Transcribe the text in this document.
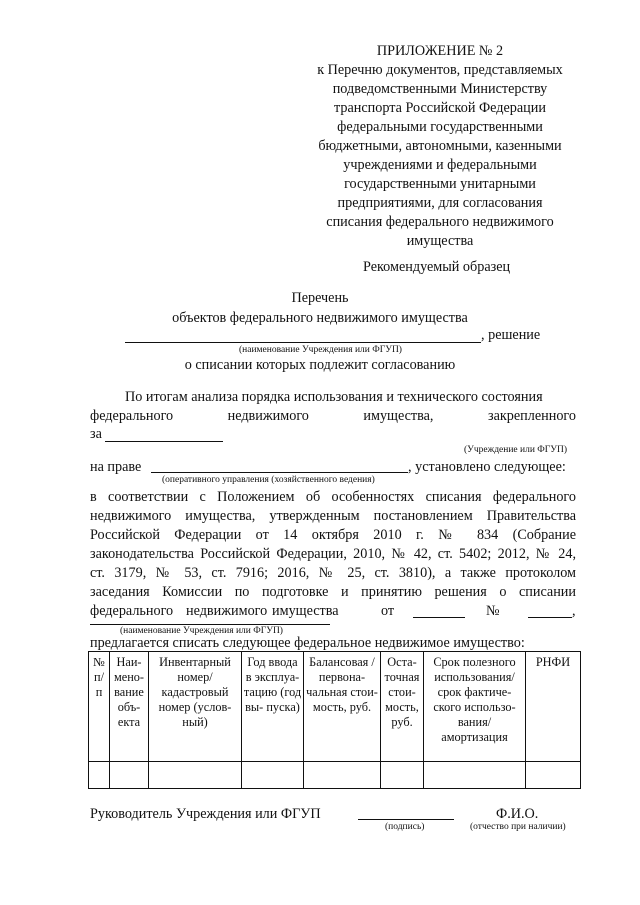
ПРИЛОЖЕНИЕ № 2
к Перечню документов, представляемых
подведомственными Министерству
транспорта Российской Федерации
федеральными государственными
бюджетными, автономными, казенными
учреждениями и федеральными
государственными унитарными
предприятиями, для согласования
списания федерального недвижимого
имущества
Рекомендуемый образец
Перечень
объектов федерального недвижимого имущества
, решение
(наименование Учреждения или ФГУП)
о списании которых подлежит согласованию
По итогам анализа порядка использования и технического состояния
федерального	недвижимого	имущества,	закрепленного
за
(Учреждение или ФГУП)
на праве	, установлено следующее:
(оперативного управления (хозяйственного ведения)
в соответствии с Положением об особенностях списания федерального
недвижимого имущества, утвержденным постановлением Правительства
Российской Федерации от 14 октября 2010 г. № 834 (Собрание
законодательства Российской Федерации, 2010, № 42, ст. 5402; 2012, № 24,
ст. 3179, № 53, ст. 7916; 2016, № 25, ст. 3810), а также протоколом
заседания Комиссии по подготовке и принятию решения о списании
федерального недвижимого имущества	от	№	,
(наименование Учреждения или ФГУП)
предлагается списать следующее федеральное недвижимое имущество:
№ п/ п	Наи- мено- вание объ- екта	Инвентарный номер/ кадастровый номер (услов- ный)	Год ввода в эксплуа- тацию (год вы- пуска)	Балансовая /первона- чальная стои- мость, руб.	Оста- точная стои- мость, руб.	Срок полезного использования/ срок фактиче- ского использо- вания/ амортизация	РНФИ

Руководитель Учреждения или ФГУП
(подпись)
Ф.И.О.
(отчество при наличии)
